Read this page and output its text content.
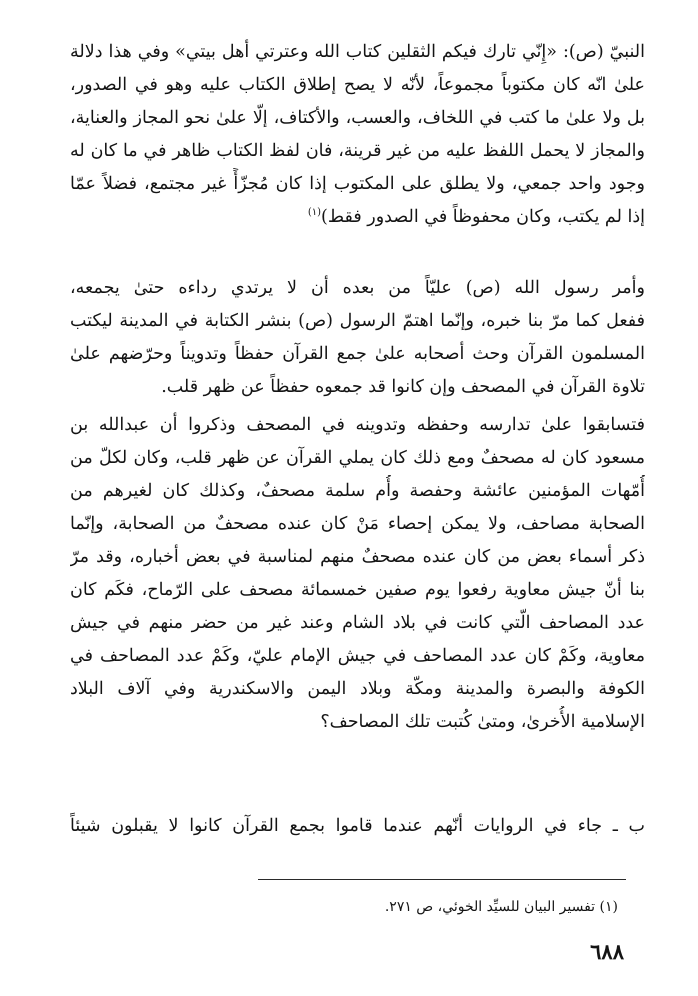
النبيّ (ص): «إِنّي تارك فيكم الثقلين كتاب الله وعترتي أهل بيتي» وفي هذا دلالة
علىٰ انّه كان مكتوباً مجموعاً، لأنّه لا يصح إطلاق الكتاب عليه وهو في الصدور،
بل ولا علىٰ ما كتب في اللخاف، والعسب، والأكتاف، إلّا علىٰ نحو المجاز والعناية،
والمجاز لا يحمل اللفظ عليه من غير قرينة، فان لفظ الكتاب ظاهر في ما كان له
وجود واحد جمعي، ولا يطلق على المكتوب إذا كان مُجزّأً غير مجتمع، فضلاً عمّا
إذا لم يكتب، وكان محفوظاً في الصدور فقط)$^{(١)}$
وأمر رسول الله (ص) عليّاً من بعده أن لا يرتدي رداءه حتىٰ يجمعه،
ففعل كما مرّ بنا خبره، وإنّما اهتمّ الرسول (ص) بنشر الكتابة في المدينة ليكتب
المسلمون القرآن وحث أصحابه علىٰ جمع القرآن حفظاً وتدويناً وحرّضهم علىٰ
تلاوة القرآن في المصحف وإن كانوا قد جمعوه حفظاً عن ظهر قلب.
فتسابقوا علىٰ تدارسه وحفظه وتدوينه في المصحف وذكروا أن عبدالله بن
مسعود كان له مصحفٌ ومع ذلك كان يملي القرآن عن ظهر قلب، وكان لكلّ من
أُمّهات المؤمنين عائشة وحفصة وأُم سلمة مصحفٌ، وكذلك كان لغيرهم من
الصحابة مصاحف، ولا يمكن إحصاء مَنْ كان عنده مصحفٌ من الصحابة، وإنّما
ذكر أسماء بعض من كان عنده مصحفٌ منهم لمناسبة في بعض أخباره، وقد مرّ
بنا أنّ جيش معاوية رفعوا يوم صفين خمسمائة مصحف على الرّماح، فكَم كان
عدد المصاحف الّتي كانت في بلاد الشام وعند غير من حضر منهم في جيش
معاوية، وكَمْ كان عدد المصاحف في جيش الإمام عليّ، وكَمْ عدد المصاحف في
الكوفة والبصرة والمدينة ومكّة وبلاد اليمن والاسكندرية وفي آلاف البلاد
الإسلامية الأُخرىٰ، ومتىٰ كُتبت تلك المصاحف؟
ب ـ جاء في الروايات أنّهم عندما قاموا بجمع القرآن كانوا لا يقبلون شيئاً
(١) تفسير البيان للسيِّد الخوئي، ص ٢٧١.
٦٨٨
